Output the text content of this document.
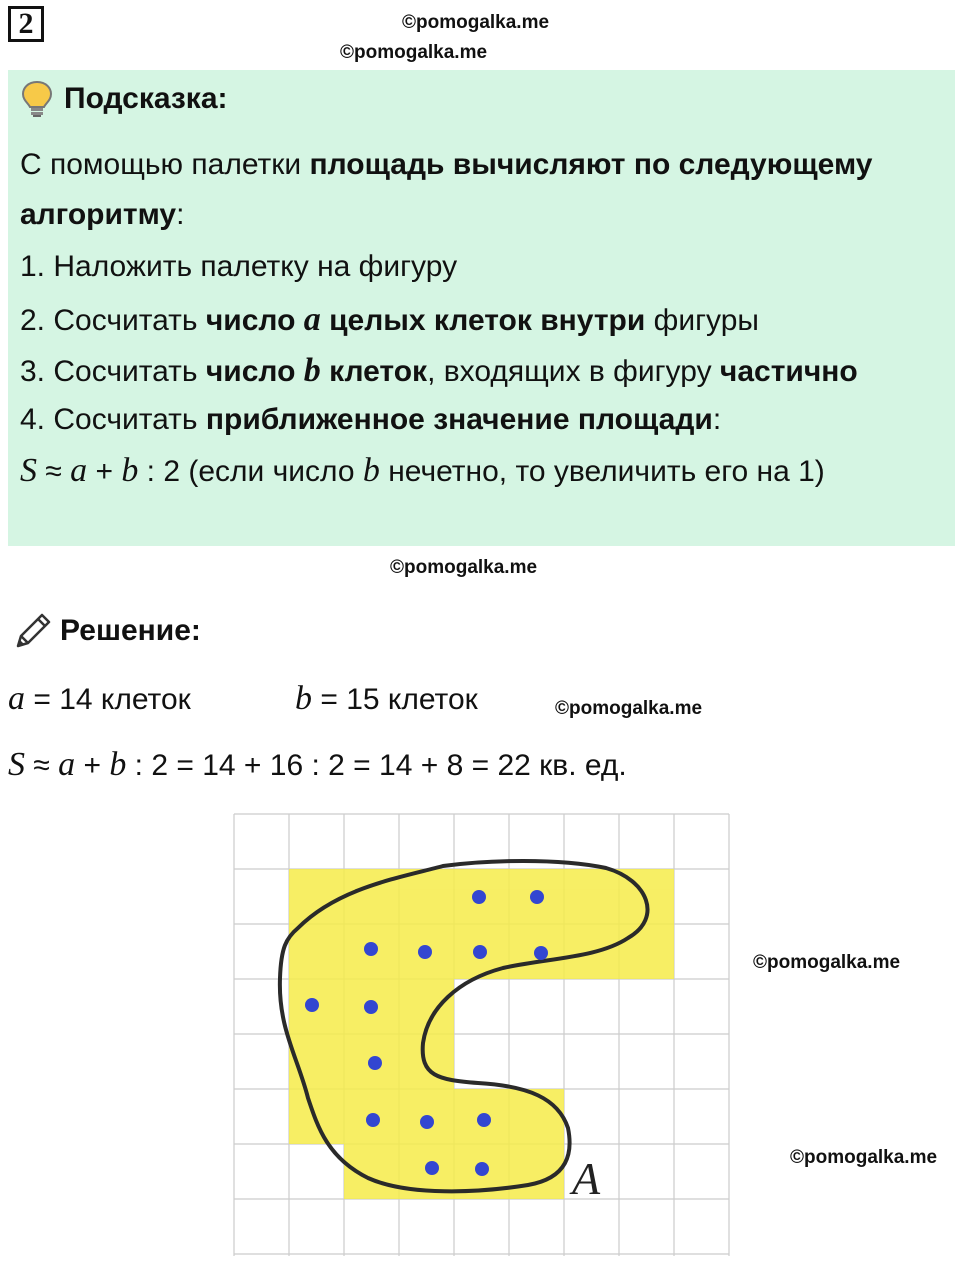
2	©pomogalka.me
©pomogalka.me
Подсказка:
С помощью палетки площадь вычисляют по следующему
алгоритму:
1. Наложить палетку на фигуру
2. Сосчитать число a целых клеток внутри фигуры
3. Сосчитать число b клеток, входящих в фигуру частично
4. Сосчитать приближенное значение площади:
S ≈ a + b : 2 (если число b нечетно, то увеличить его на 1)
©pomogalka.me
Решение:
a = 14 клеток	b = 15 клеток	©pomogalka.me
S ≈ a + b : 2 = 14 + 16 : 2 = 14 + 8 = 22 кв. ед.
A
©pomogalka.me
©pomogalka.me
